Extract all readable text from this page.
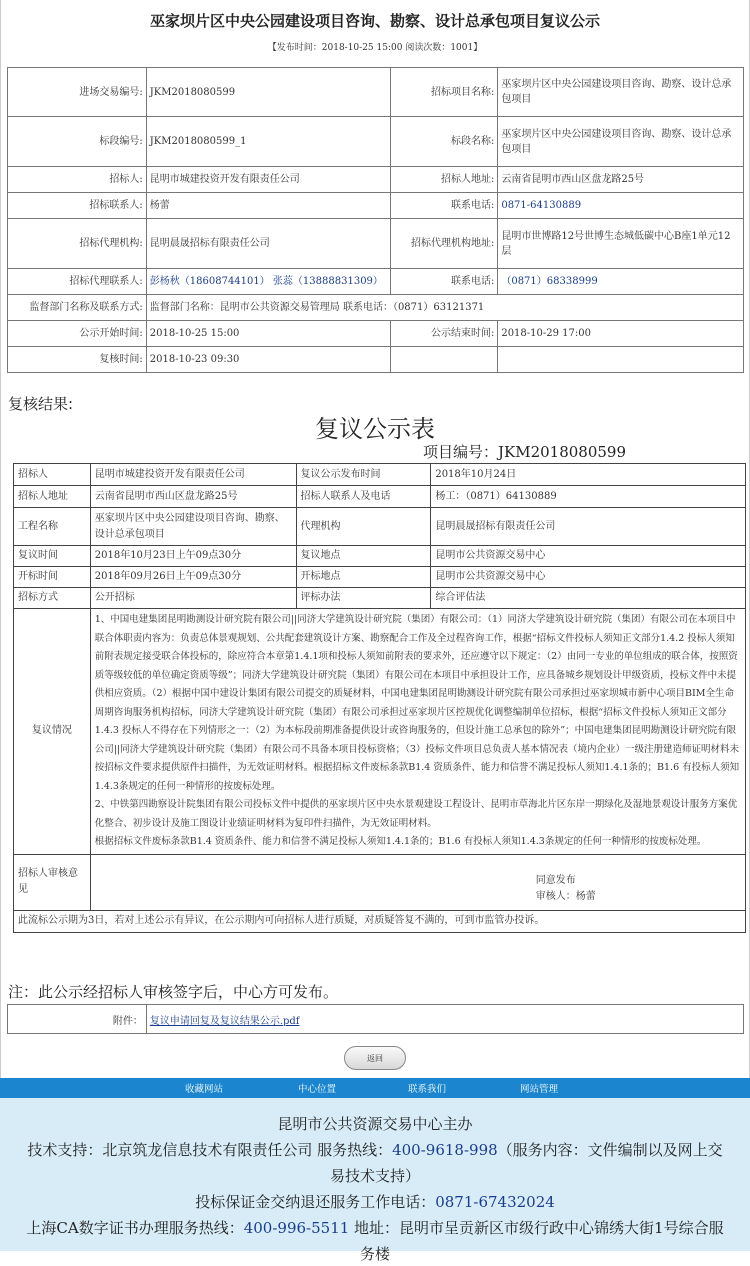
巫家坝片区中央公园建设项目咨询、勘察、设计总承包项目复议公示
【发布时间：2018-10-25 15:00 阅读次数：1001】
进场交易编号:	JKM2018080599	招标项目名称:	巫家坝片区中央公园建设项目咨询、勘察、设计总承包项目
标段编号:	JKM2018080599_1	标段名称:	巫家坝片区中央公园建设项目咨询、勘察、设计总承包项目
招标人:	昆明市城建投资开发有限责任公司	招标人地址:	云南省昆明市西山区盘龙路25号
招标联系人:	杨蕾	联系电话:	0871-64130889
招标代理机构:	昆明晨晟招标有限责任公司	招标代理机构地址:	昆明市世博路12号世博生态城低碳中心B座1单元12层
招标代理联系人:	彭杨秋（18608744101） 张蕊（13888831309）	联系电话:	（0871）68338999
监督部门名称及联系方式:	监督部门名称：昆明市公共资源交易管理局 联系电话：（0871）63121371		
公示开始时间:	2018-10-25 15:00	公示结束时间:	2018-10-29 17:00
复核时间:	2018-10-23 09:30		
复核结果:
复议公示表
项目编号：JKM2018080599
招标人	昆明市城建投资开发有限责任公司	复议公示发布时间	2018年10月24日
招标人地址	云南省昆明市西山区盘龙路25号	招标人联系人及电话	杨工：（0871）64130889
工程名称	巫家坝片区中央公园建设项目咨询、勘察、设计总承包项目	代理机构	昆明晨晟招标有限责任公司
复议时间	2018年10月23日上午09点30分	复议地点	昆明市公共资源交易中心
开标时间	2018年09月26日上午09点30分	开标地点	昆明市公共资源交易中心
招标方式	公开招标	评标办法	综合评估法
复议情况	1、中国电建集团昆明勘测设计研究院有限公司||同济大学建筑设计研究院（集团）有限公司：（1）同济大学建筑设计研究院（集团）有限公司在本项目中联合体职责内容为：负责总体景观规划、公共配套建筑设计方案、勘察配合工作及全过程咨询工作，根据“招标文件投标人须知正文部分1.4.2 投标人须知前附表规定接受联合体投标的，除应符合本章第1.4.1项和投标人须知前附表的要求外，还应遵守以下规定：（2）由同一专业的单位组成的联合体，按照资质等级较低的单位确定资质等级”；同济大学建筑设计研究院（集团）有限公司在本项目中承担设计工作，应具备城乡规划设计甲级资质，投标文件中未提供相应资质。（2）根据中国中建设计集团有限公司提交的质疑材料，中国电建集团昆明勘测设计研究院有限公司承担过巫家坝城市新中心项目BIM全生命周期咨询服务机构招标，同济大学建筑设计研究院（集团）有限公司承担过巫家坝片区控规优化调整编制单位招标，根据“招标文件投标人须知正文部分1.4.3 投标人不得存在下列情形之一：（2）为本标段前期准备提供设计或咨询服务的，但设计施工总承包的除外”；中国电建集团昆明勘测设计研究院有限公司||同济大学建筑设计研究院（集团）有限公司不具备本项目投标资格；（3）投标文件项目总负责人基本情况表（境内企业）一级注册建造师证明材料未按招标文件要求提供原件扫描件，为无效证明材料。根据招标文件废标条款B1.4 资质条件、能力和信誉不满足投标人须知1.4.1条的；B1.6 有投标人须知1.4.3条规定的任何一种情形的按废标处理。
2、中铁第四勘察设计院集团有限公司投标文件中提供的巫家坝片区中央水景观建设工程设计、昆明市草海北片区东岸一期绿化及湿地景观设计服务方案优化整合、初步设计及施工图设计业绩证明材料为复印件扫描件，为无效证明材料。
根据招标文件废标条款B1.4 资质条件、能力和信誉不满足投标人须知1.4.1条的；B1.6 有投标人须知1.4.3条规定的任何一种情形的按废标处理。		

招标人审核意见	同意发布
审核人：杨蕾		

此流标公示期为3日，若对上述公示有异议，在公示期内可向招标人进行质疑，对质疑答复不满的，可到市监管办投诉。			
注：此公示经招标人审核签字后，中心方可发布。
附件：	复议申请回复及复议结果公示.pdf
返回
收藏网站	中心位置	联系我们	网站管理
昆明市公共资源交易中心主办
技术支持：北京筑龙信息技术有限责任公司 服务热线：400-9618-998（服务内容：文件编制以及网上交
易技术支持）
投标保证金交纳退还服务工作电话：0871-67432024
上海CA数字证书办理服务热线：400-996-5511 地址：昆明市呈贡新区市级行政中心锦绣大街1号综合服
务楼
